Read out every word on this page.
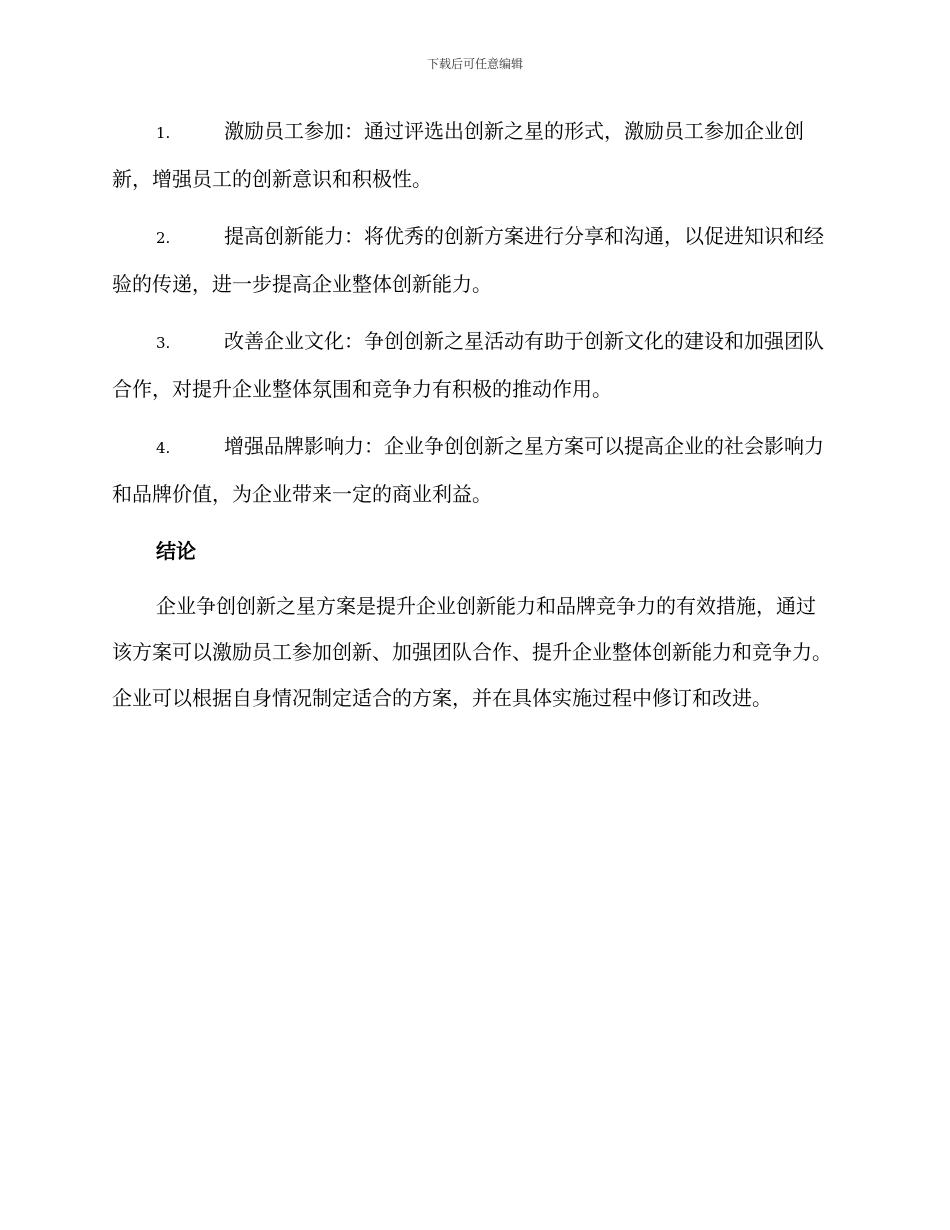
下载后可任意编辑

1.	激励员工参加：通过评选出创新之星的形式，激励员工参加企业创新，增强员工的创新意识和积极性。

2.	提高创新能力：将优秀的创新方案进行分享和沟通，以促进知识和经验的传递，进一步提高企业整体创新能力。

3.	改善企业文化：争创创新之星活动有助于创新文化的建设和加强团队合作，对提升企业整体氛围和竞争力有积极的推动作用。

4.	增强品牌影响力：企业争创创新之星方案可以提高企业的社会影响力和品牌价值，为企业带来一定的商业利益。

结论

企业争创创新之星方案是提升企业创新能力和品牌竞争力的有效措施，通过该方案可以激励员工参加创新、加强团队合作、提升企业整体创新能力和竞争力。企业可以根据自身情况制定适合的方案，并在具体实施过程中修订和改进。
